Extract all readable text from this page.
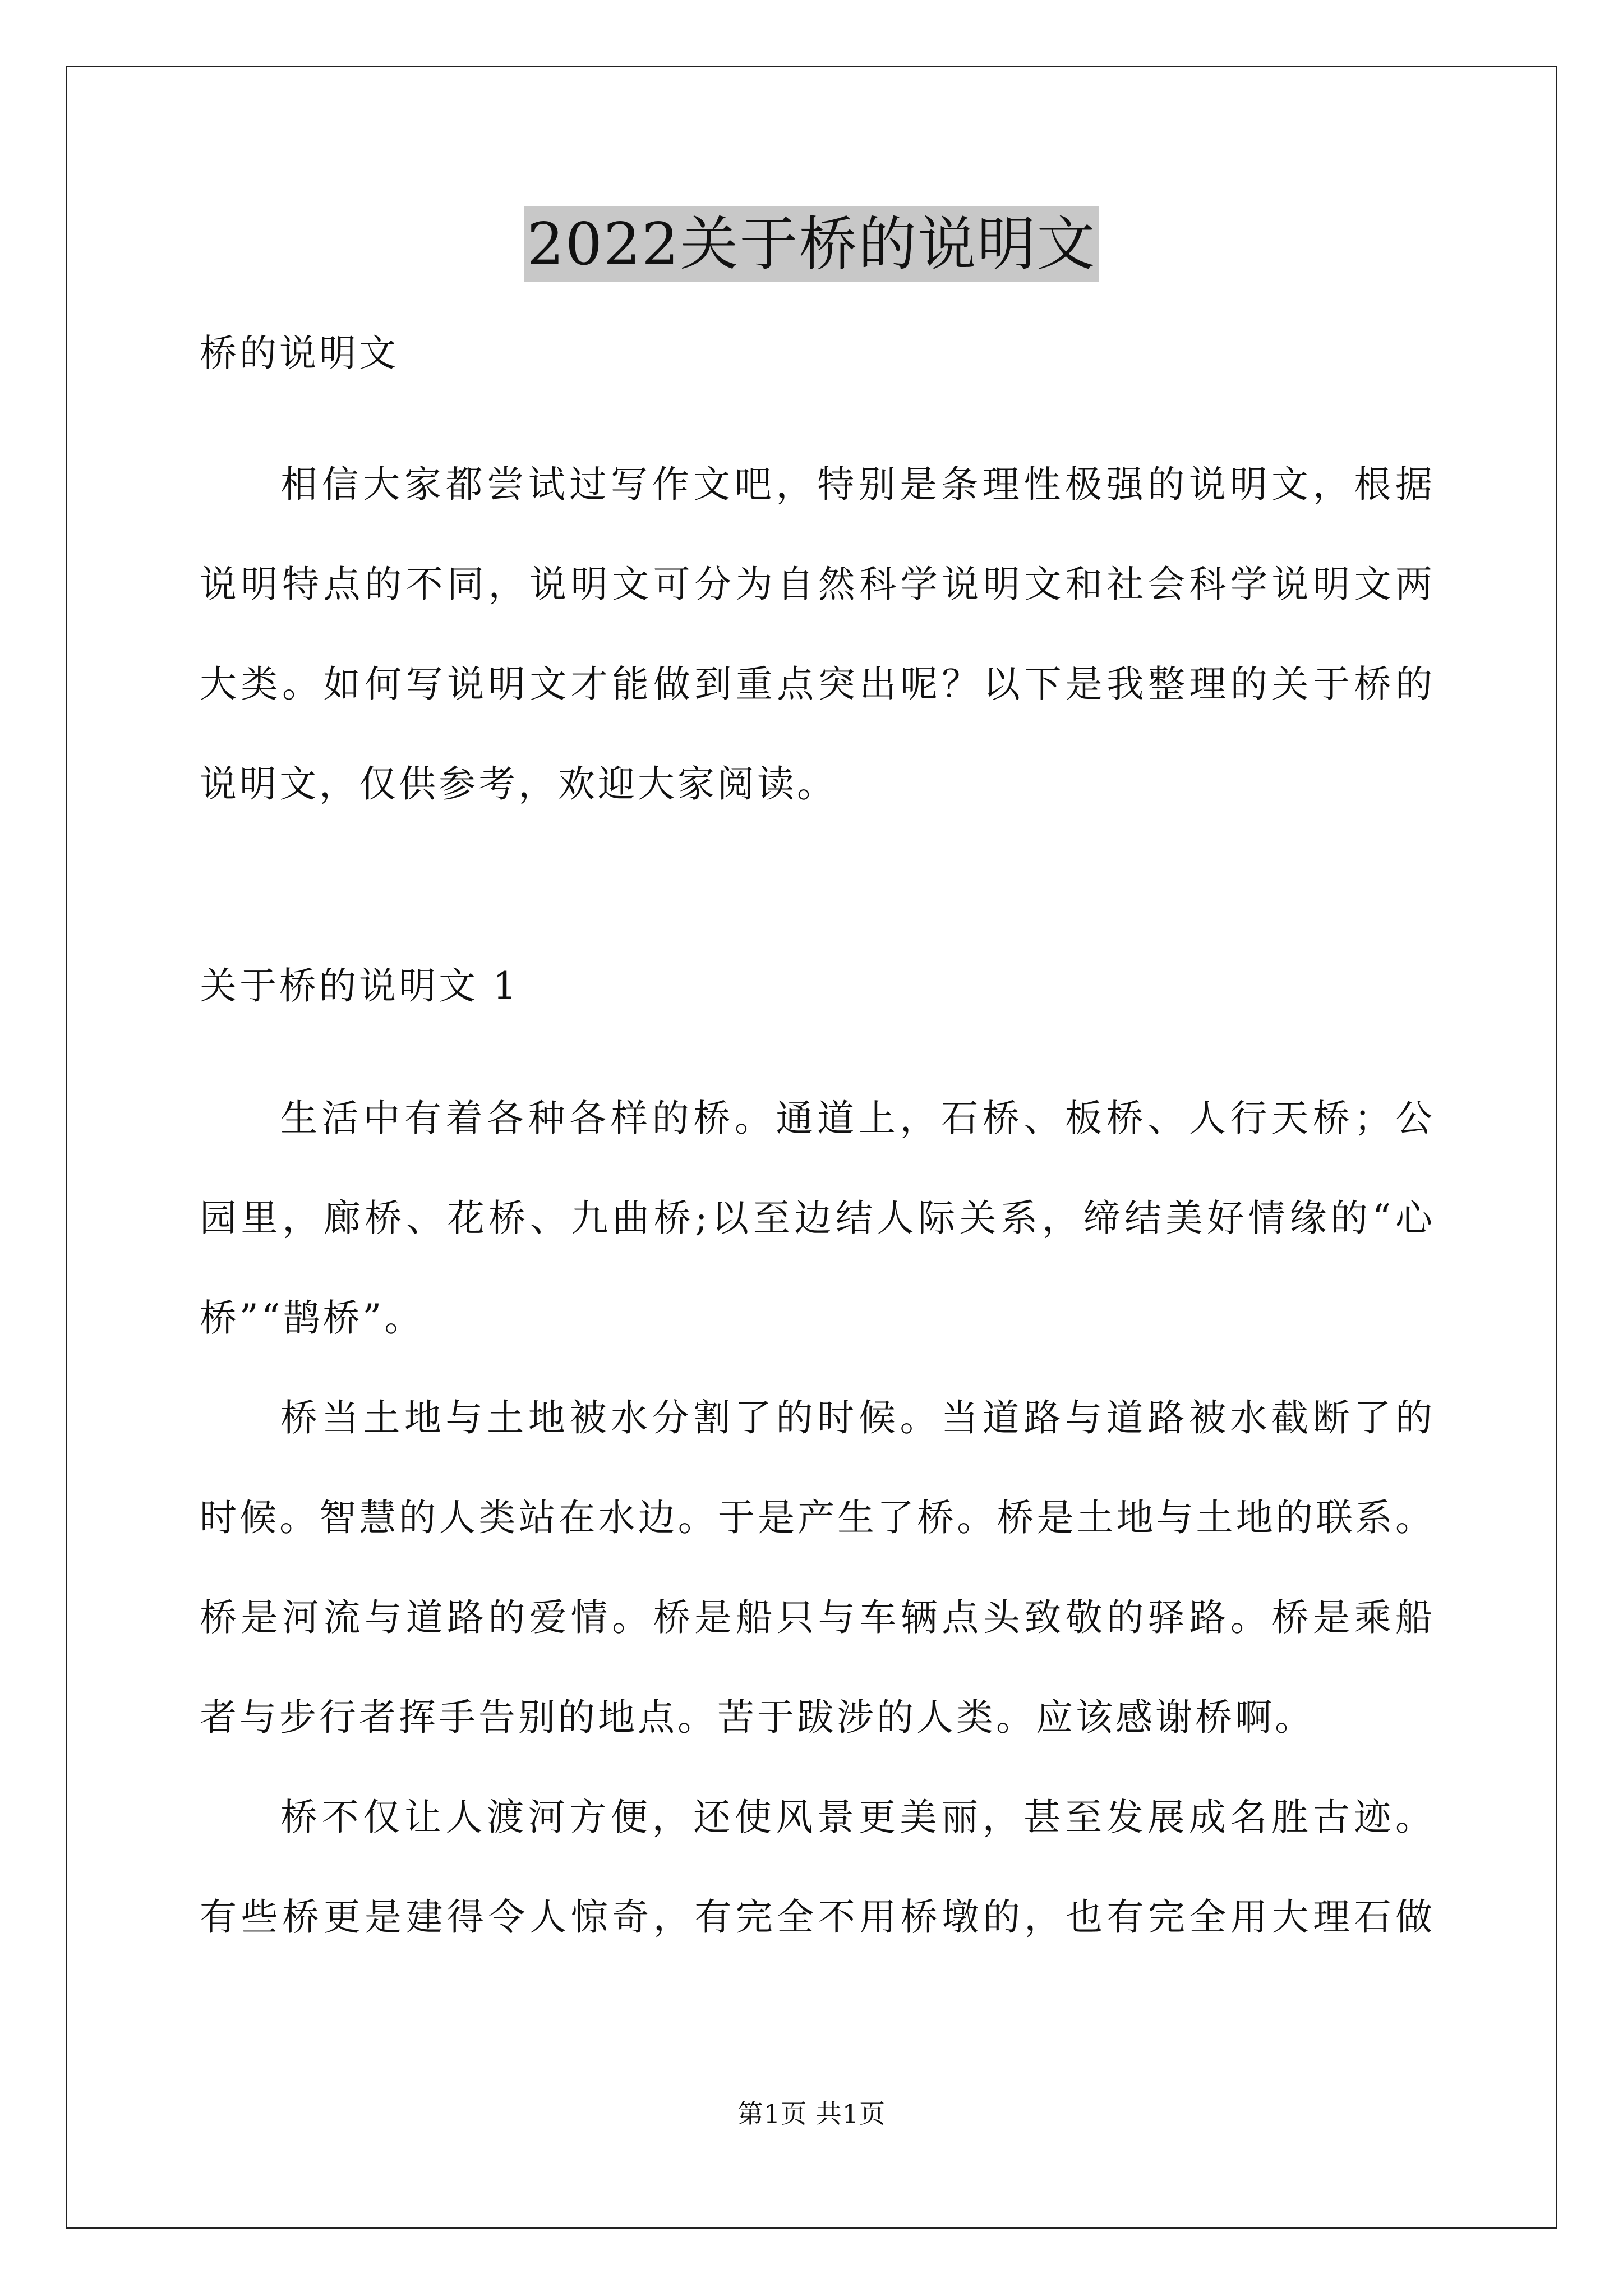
2022关于桥的说明文
桥的说明文
相信大家都尝试过写作文吧，特别是条理性极强的说明文，根据
说明特点的不同，说明文可分为自然科学说明文和社会科学说明文两
大类。如何写说明文才能做到重点突出呢？以下是我整理的关于桥的
说明文，仅供参考，欢迎大家阅读。
关于桥的说明文 1
生活中有着各种各样的桥。通道上，石桥、板桥、人行天桥；公
园里，廊桥、花桥、九曲桥;以至边结人际关系，缔结美好情缘的“心
桥”“鹊桥”。
桥当土地与土地被水分割了的时候。当道路与道路被水截断了的
时候。智慧的人类站在水边。于是产生了桥。桥是土地与土地的联系。
桥是河流与道路的爱情。桥是船只与车辆点头致敬的驿路。桥是乘船
者与步行者挥手告别的地点。苦于跋涉的人类。应该感谢桥啊。
桥不仅让人渡河方便，还使风景更美丽，甚至发展成名胜古迹。
有些桥更是建得令人惊奇，有完全不用桥墩的，也有完全用大理石做
第1页 共1页
